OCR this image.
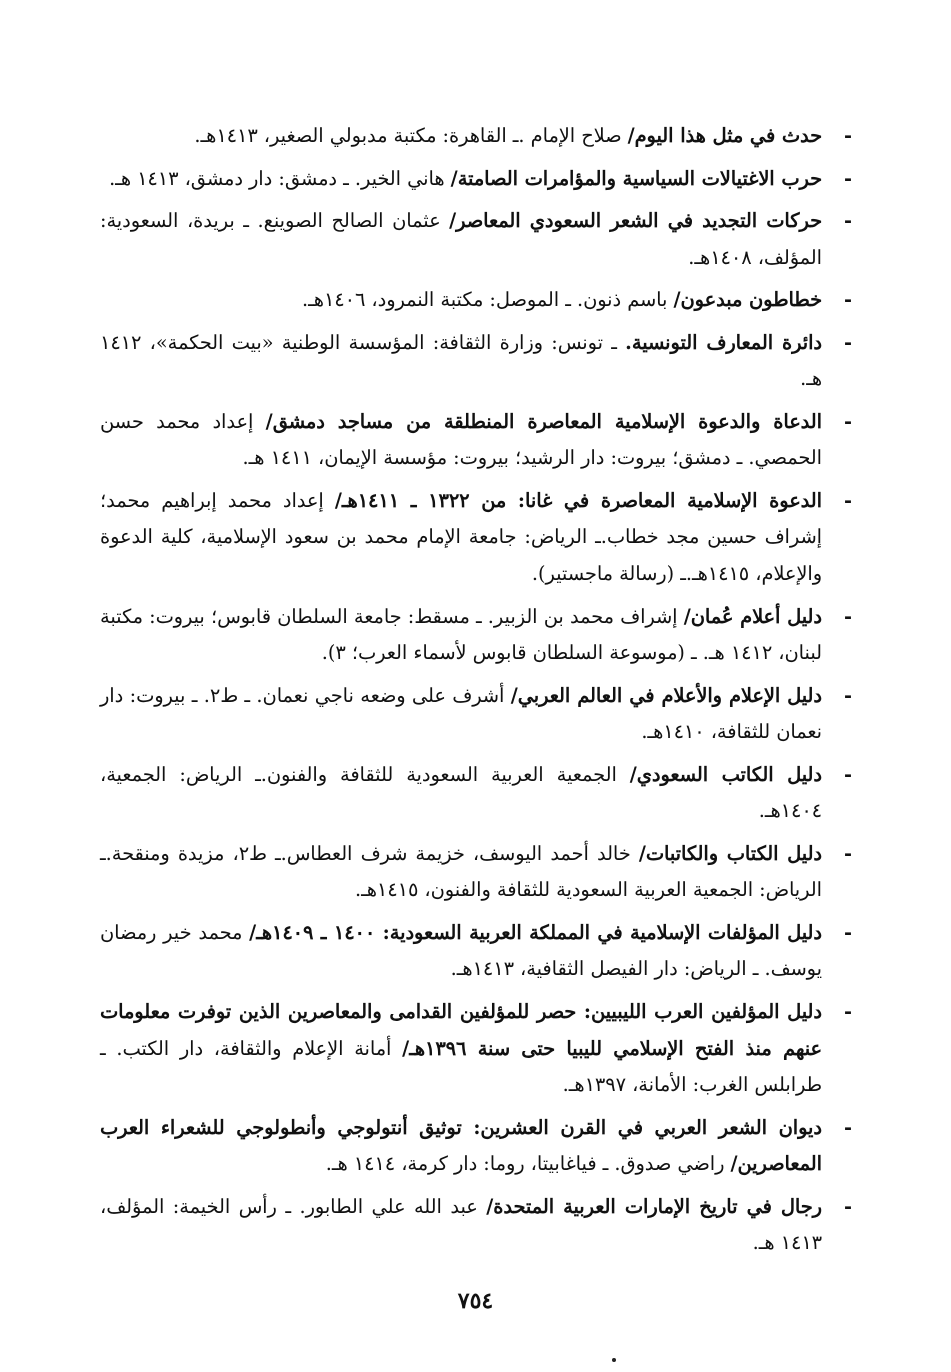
-
حدث في مثل هذا اليوم/ صلاح الإمام .ـ القاهرة: مكتبة مدبولي الصغير، ١٤١٣هـ.
-
حرب الاغتيالات السياسية والمؤامرات الصامتة/ هاني الخير. ـ دمشق: دار دمشق، ١٤١٣ هـ.
-
حركات التجديد في الشعر السعودي المعاصر/ عثمان الصالح الصوينع. ـ بريدة، السعودية: المؤلف، ١٤٠٨هـ.
-
خطاطون مبدعون/ باسم ذنون. ـ الموصل: مكتبة النمرود، ١٤٠٦هـ.
-
دائرة المعارف التونسية. ـ تونس: وزارة الثقافة: المؤسسة الوطنية «بيت الحكمة»، ١٤١٢ هـ.
-
الدعاة والدعوة الإسلامية المعاصرة المنطلقة من مساجد دمشق/ إعداد محمد حسن الحمصي. ـ دمشق؛ بيروت: دار الرشيد؛ بيروت: مؤسسة الإيمان، ١٤١١ هـ.
-
الدعوة الإسلامية المعاصرة في غانا: من ١٣٢٢ ـ ١٤١١هـ/ إعداد محمد إبراهيم محمد؛ إشراف حسين مجد خطاب.ـ الرياض: جامعة الإمام محمد بن سعود الإسلامية، كلية الدعوة والإعلام، ١٤١٥هـ.ـ (رسالة ماجستير).
-
دليل أعلام عُمان/ إشراف محمد بن الزبير. ـ مسقط: جامعة السلطان قابوس؛ بيروت: مكتبة لبنان، ١٤١٢ هـ. ـ (موسوعة السلطان قابوس لأسماء العرب؛ ٣).
-
دليل الإعلام والأعلام في العالم العربي/ أشرف على وضعه ناجي نعمان. ـ ط٢. ـ بيروت: دار نعمان للثقافة، ١٤١٠هـ.
-
دليل الكاتب السعودي/ الجمعية العربية السعودية للثقافة والفنون.ـ الرياض: الجمعية، ١٤٠٤هـ.
-
دليل الكتاب والكاتبات/ خالد أحمد اليوسف، خزيمة شرف العطاس.ـ ط٢، مزيدة ومنقحة.ـ الرياض: الجمعية العربية السعودية للثقافة والفنون، ١٤١٥هـ.
-
دليل المؤلفات الإسلامية في المملكة العربية السعودية: ١٤٠٠ ـ ١٤٠٩هـ/ محمد خير رمضان يوسف. ـ الرياض: دار الفيصل الثقافية، ١٤١٣هـ.
-
دليل المؤلفين العرب الليبيين: حصر للمؤلفين القدامى والمعاصرين الذين توفرت معلومات عنهم منذ الفتح الإسلامي لليبيا حتى سنة ١٣٩٦هـ/ أمانة الإعلام والثقافة، دار الكتب. ـ طرابلس الغرب: الأمانة، ١٣٩٧هـ.
-
ديوان الشعر العربي في القرن العشرين: توثيق أنتولوجي وأنطولوجي للشعراء العرب المعاصرين/ راضي صدوق. ـ فياغابيتا، روما: دار كرمة، ١٤١٤ هـ.
-
رجال في تاريخ الإمارات العربية المتحدة/ عبد الله علي الطابور. ـ رأس الخيمة: المؤلف، ١٤١٣ هـ.
٧٥٤
